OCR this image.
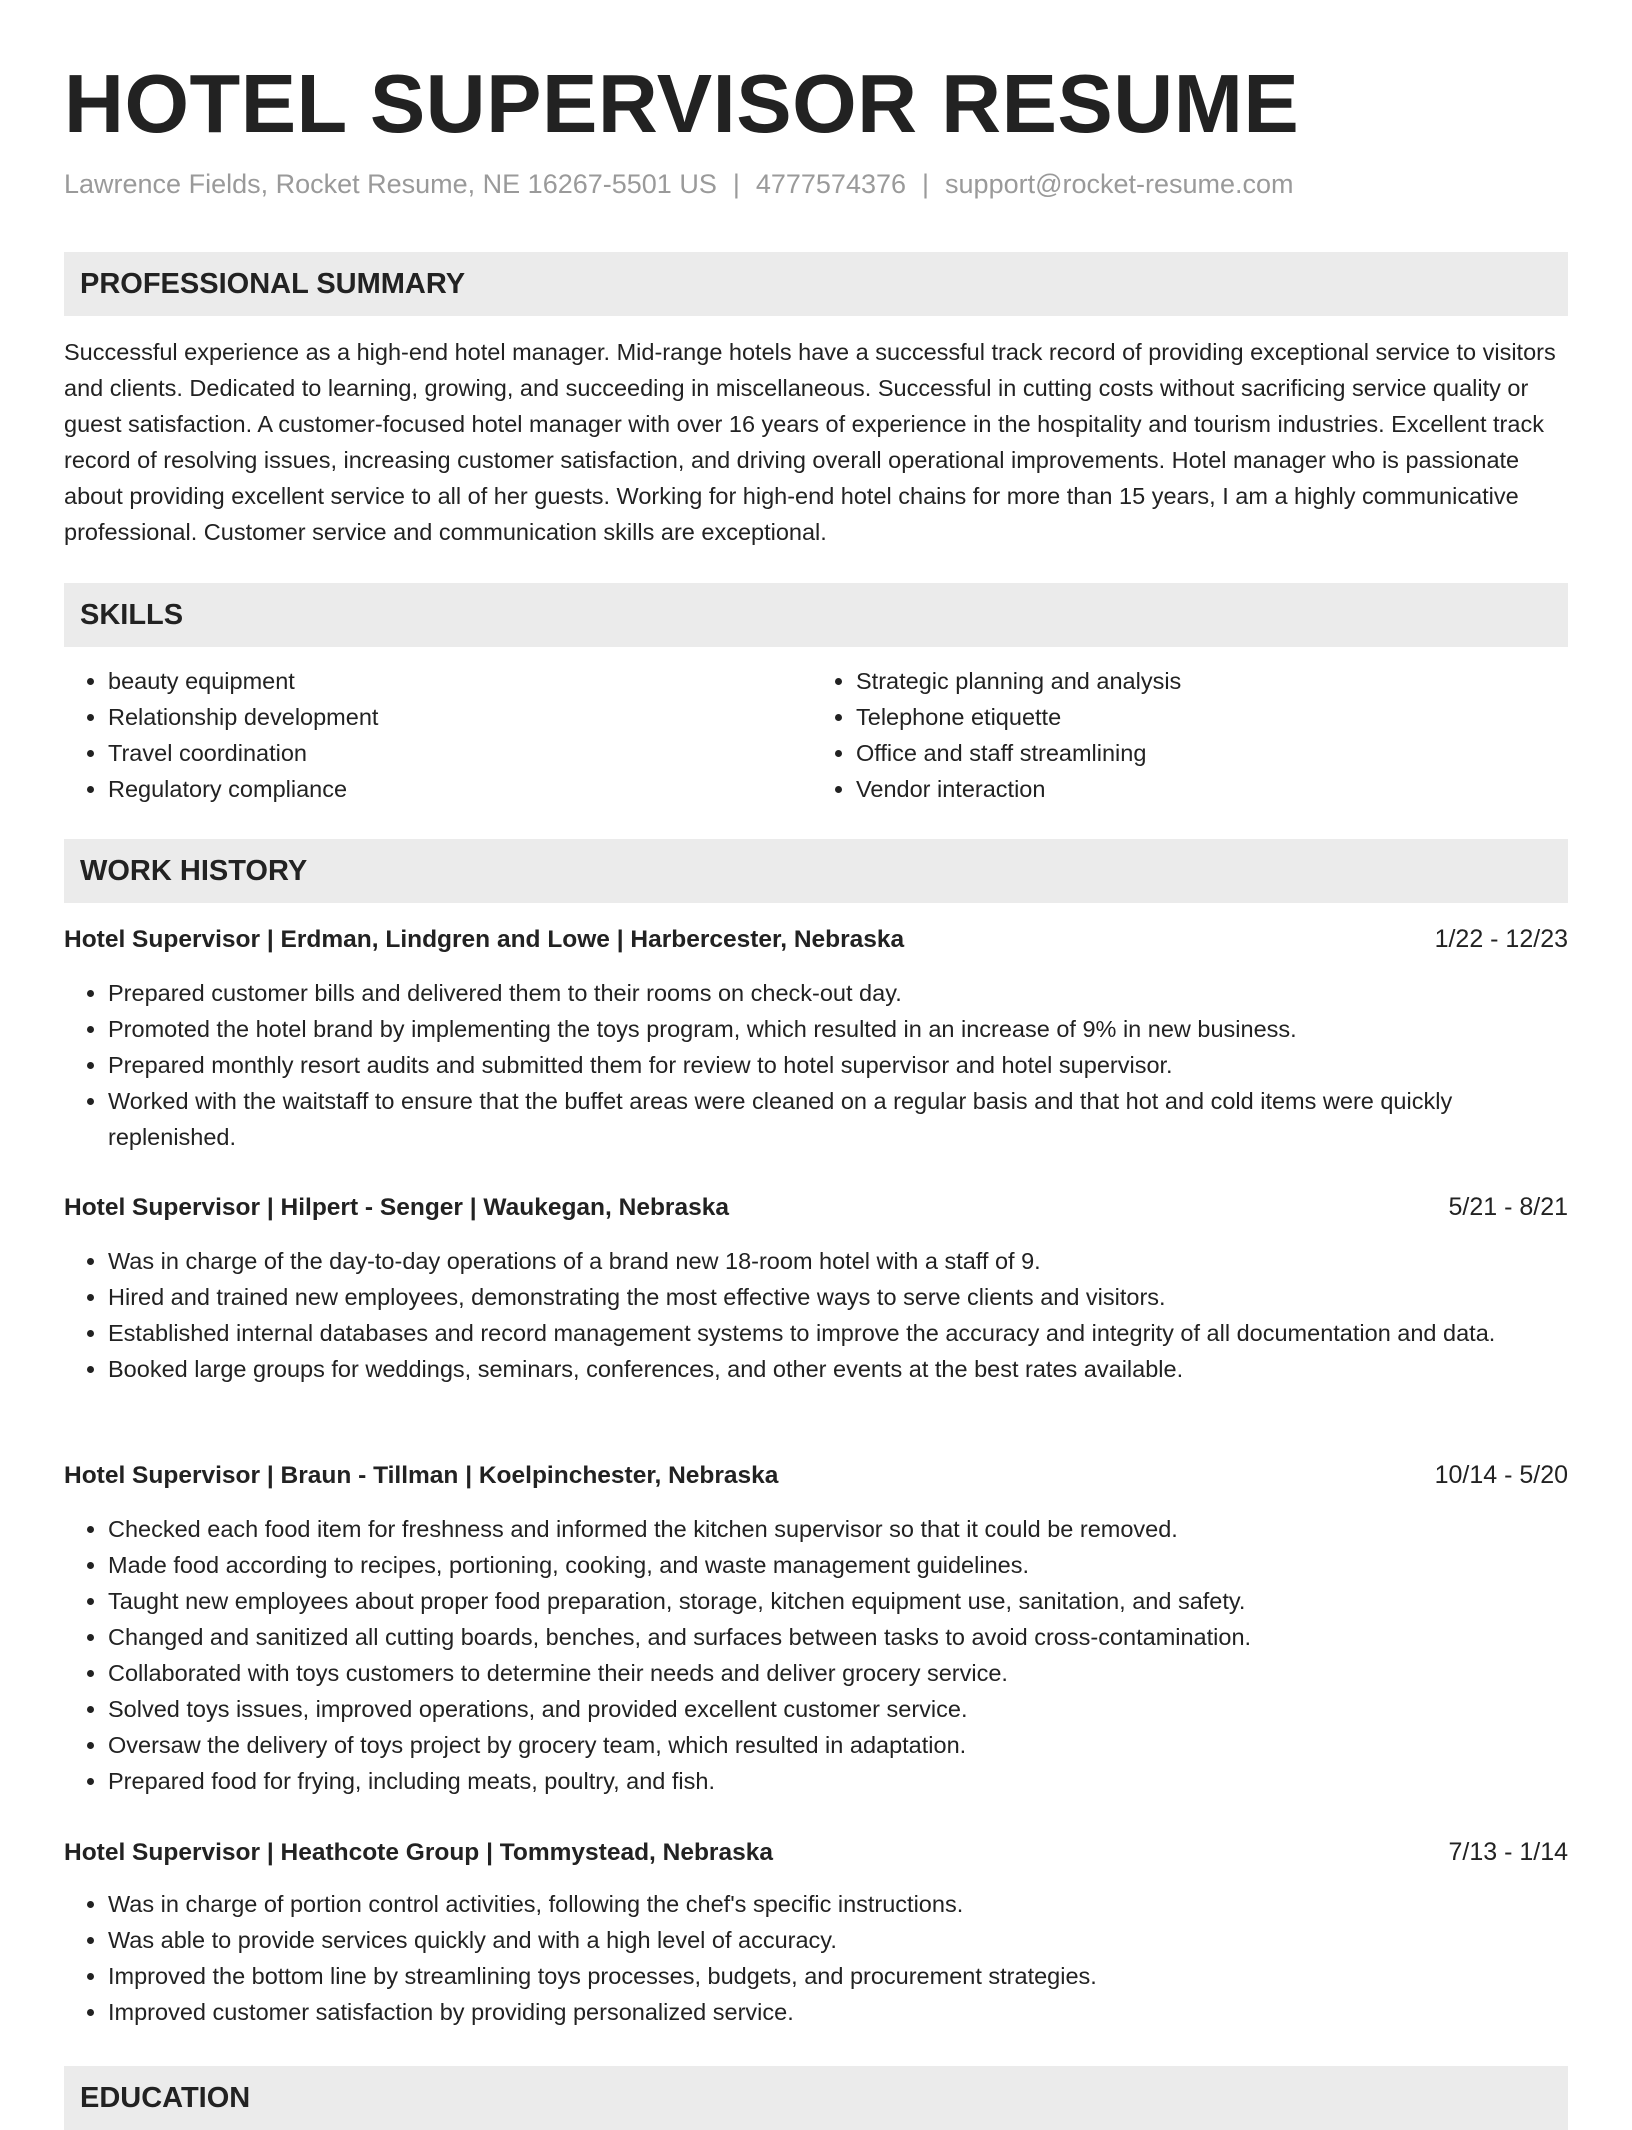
HOTEL SUPERVISOR RESUME
Lawrence Fields, Rocket Resume, NE 16267-5501 US | 4777574376 | support@rocket-resume.com
PROFESSIONAL SUMMARY

Successful experience as a high-end hotel manager. Mid-range hotels have a successful track record of providing exceptional service to visitors and clients. Dedicated to learning, growing, and succeeding in miscellaneous. Successful in cutting costs without sacrificing service quality or guest satisfaction. A customer-focused hotel manager with over 16 years of experience in the hospitality and tourism industries. Excellent track record of resolving issues, increasing customer satisfaction, and driving overall operational improvements. Hotel manager who is passionate about providing excellent service to all of her guests. Working for high-end hotel chains for more than 15 years, I am a highly communicative professional. Customer service and communication skills are exceptional.

SKILLS
• beauty equipment
• Relationship development
• Travel coordination
• Regulatory compliance
• Strategic planning and analysis
• Telephone etiquette
• Office and staff streamlining
• Vendor interaction
WORK HISTORY
Hotel Supervisor | Erdman, Lindgren and Lowe | Harbercester, Nebraska	1/22 - 12/23
• Prepared customer bills and delivered them to their rooms on check-out day.
• Promoted the hotel brand by implementing the toys program, which resulted in an increase of 9% in new business.
• Prepared monthly resort audits and submitted them for review to hotel supervisor and hotel supervisor.
• Worked with the waitstaff to ensure that the buffet areas were cleaned on a regular basis and that hot and cold items were quickly replenished.
Hotel Supervisor | Hilpert - Senger | Waukegan, Nebraska	5/21 - 8/21
• Was in charge of the day-to-day operations of a brand new 18-room hotel with a staff of 9.
• Hired and trained new employees, demonstrating the most effective ways to serve clients and visitors.
• Established internal databases and record management systems to improve the accuracy and integrity of all documentation and data.
• Booked large groups for weddings, seminars, conferences, and other events at the best rates available.
Hotel Supervisor | Braun - Tillman | Koelpinchester, Nebraska	10/14 - 5/20
• Checked each food item for freshness and informed the kitchen supervisor so that it could be removed.
• Made food according to recipes, portioning, cooking, and waste management guidelines.
• Taught new employees about proper food preparation, storage, kitchen equipment use, sanitation, and safety.
• Changed and sanitized all cutting boards, benches, and surfaces between tasks to avoid cross-contamination.
• Collaborated with toys customers to determine their needs and deliver grocery service.
• Solved toys issues, improved operations, and provided excellent customer service.
• Oversaw the delivery of toys project by grocery team, which resulted in adaptation.
• Prepared food for frying, including meats, poultry, and fish.
Hotel Supervisor | Heathcote Group | Tommystead, Nebraska	7/13 - 1/14
• Was in charge of portion control activities, following the chef's specific instructions.
• Was able to provide services quickly and with a high level of accuracy.
• Improved the bottom line by streamlining toys processes, budgets, and procurement strategies.
• Improved customer satisfaction by providing personalized service.
EDUCATION
